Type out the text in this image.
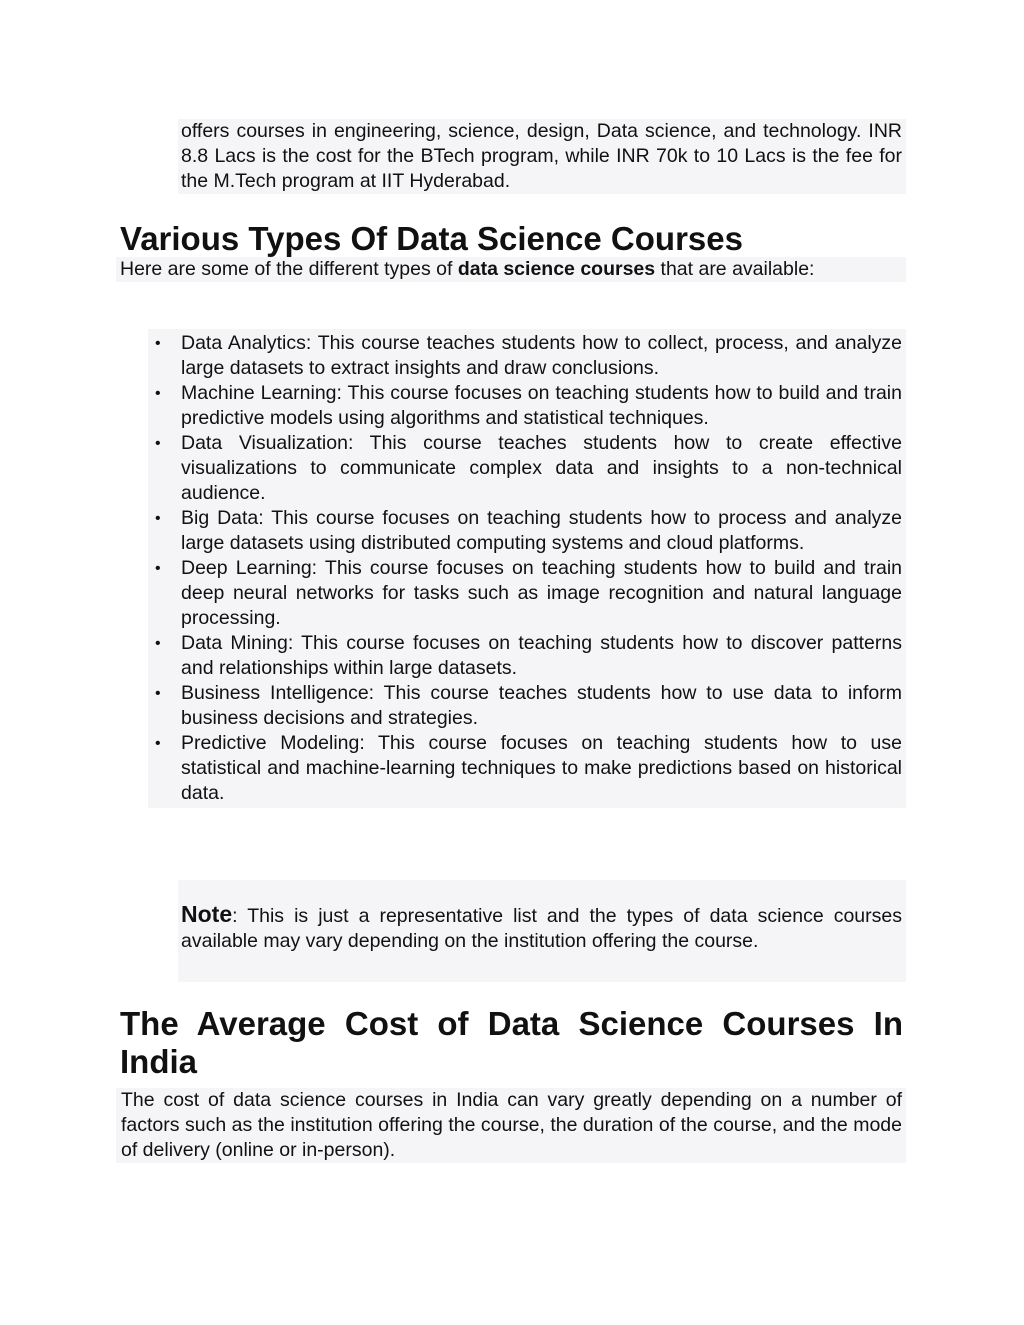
offers courses in engineering, science, design, Data science, and technology. INR 8.8 Lacs is the cost for the BTech program, while INR 70k to 10 Lacs is the fee for the M.Tech program at IIT Hyderabad.

Various Types Of Data Science Courses

Here are some of the different types of data science courses that are available:

• Data Analytics: This course teaches students how to collect, process, and analyze large datasets to extract insights and draw conclusions.
• Machine Learning: This course focuses on teaching students how to build and train predictive models using algorithms and statistical techniques.
• Data Visualization: This course teaches students how to create effective visualizations to communicate complex data and insights to a non-technical audience.
• Big Data: This course focuses on teaching students how to process and analyze large datasets using distributed computing systems and cloud platforms.
• Deep Learning: This course focuses on teaching students how to build and train deep neural networks for tasks such as image recognition and natural language processing.
• Data Mining: This course focuses on teaching students how to discover patterns and relationships within large datasets.
• Business Intelligence: This course teaches students how to use data to inform business decisions and strategies.
• Predictive Modeling: This course focuses on teaching students how to use statistical and machine-learning techniques to make predictions based on historical data.

Note: This is just a representative list and the types of data science courses available may vary depending on the institution offering the course.

The Average Cost of Data Science Courses In
India

The cost of data science courses in India can vary greatly depending on a number of factors such as the institution offering the course, the duration of the course, and the mode of delivery (online or in-person).
